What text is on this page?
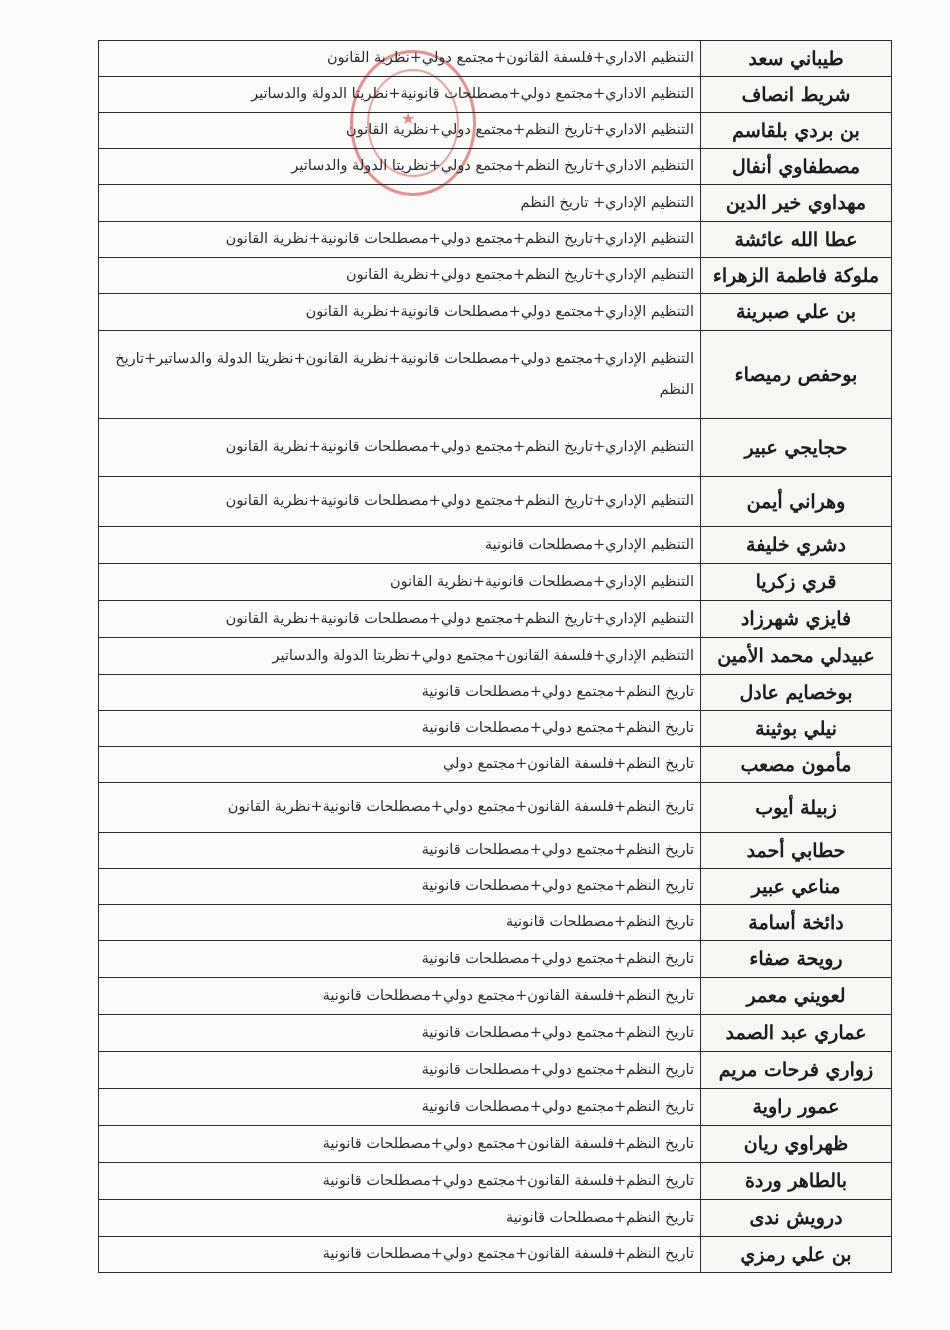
★
طيباني سعد	التنظيم الاداري+فلسفة القانون+مجتمع دولي+نظرية القانون
شريط انصاف	التنظيم الاداري+مجتمع دولي+مصطلحات قانونية+نظريتا الدولة والدساتير
بن بردي بلقاسم	التنظيم الاداري+تاريخ النظم+مجتمع دولي+نظرية القانون
مصطفاوي أنفال	التنظيم الاداري+تاريخ النظم+مجتمع دولي+نظريتا الدولة والدساتير
مهداوي خير الدين	التنظيم الإداري+ تاريخ النظم
عطا الله عائشة	التنظيم الإداري+تاريخ النظم+مجتمع دولي+مصطلحات قانونية+نظرية القانون
ملوكة فاطمة الزهراء	التنظيم الإداري+تاريخ النظم+مجتمع دولي+نظرية القانون
بن علي صبرينة	التنظيم الإداري+مجتمع دولي+مصطلحات قانونية+نظرية القانون
بوحفص رميصاء	التنظيم الإداري+مجتمع دولي+مصطلحات قانونية+نظرية القانون+نظريتا الدولة والدساتير+تاريخ النظم
حجايجي عبير	التنظيم الإداري+تاريخ النظم+مجتمع دولي+مصطلحات قانونية+نظرية القانون
وهراني أيمن	التنظيم الإداري+تاريخ النظم+مجتمع دولي+مصطلحات قانونية+نظرية القانون
دشري خليفة	التنظيم الإداري+مصطلحات قانونية
قري زكريا	التنظيم الإداري+مصطلحات قانونية+نظرية القانون
فايزي شهرزاد	التنظيم الإداري+تاريخ النظم+مجتمع دولي+مصطلحات قانونية+نظرية القانون
عبيدلي محمد الأمين	التنظيم الإداري+فلسفة القانون+مجتمع دولي+نظريتا الدولة والدساتير
بوخصايم عادل	تاريخ النظم+مجتمع دولي+مصطلحات قانونية
نيلي بوثينة	تاريخ النظم+مجتمع دولي+مصطلحات قانونية
مأمون مصعب	تاريخ النظم+فلسفة القانون+مجتمع دولي
زبيلة أيوب	تاريخ النظم+فلسفة القانون+مجتمع دولي+مصطلحات قانونية+نظرية القانون
حطابي أحمد	تاريخ النظم+مجتمع دولي+مصطلحات قانونية
مناعي عبير	تاريخ النظم+مجتمع دولي+مصطلحات قانونية
دائخة أسامة	تاريخ النظم+مصطلحات قانونية
رويحة صفاء	تاريخ النظم+مجتمع دولي+مصطلحات قانونية
لعويني معمر	تاريخ النظم+فلسفة القانون+مجتمع دولي+مصطلحات قانونية
عماري عبد الصمد	تاريخ النظم+مجتمع دولي+مصطلحات قانونية
زواري فرحات مريم	تاريخ النظم+مجتمع دولي+مصطلحات قانونية
عمور راوية	تاريخ النظم+مجتمع دولي+مصطلحات قانونية
ظهراوي ريان	تاريخ النظم+فلسفة القانون+مجتمع دولي+مصطلحات قانونية
بالطاهر وردة	تاريخ النظم+فلسفة القانون+مجتمع دولي+مصطلحات قانونية
درويش ندى	تاريخ النظم+مصطلحات قانونية
بن علي رمزي	تاريخ النظم+فلسفة القانون+مجتمع دولي+مصطلحات قانونية
